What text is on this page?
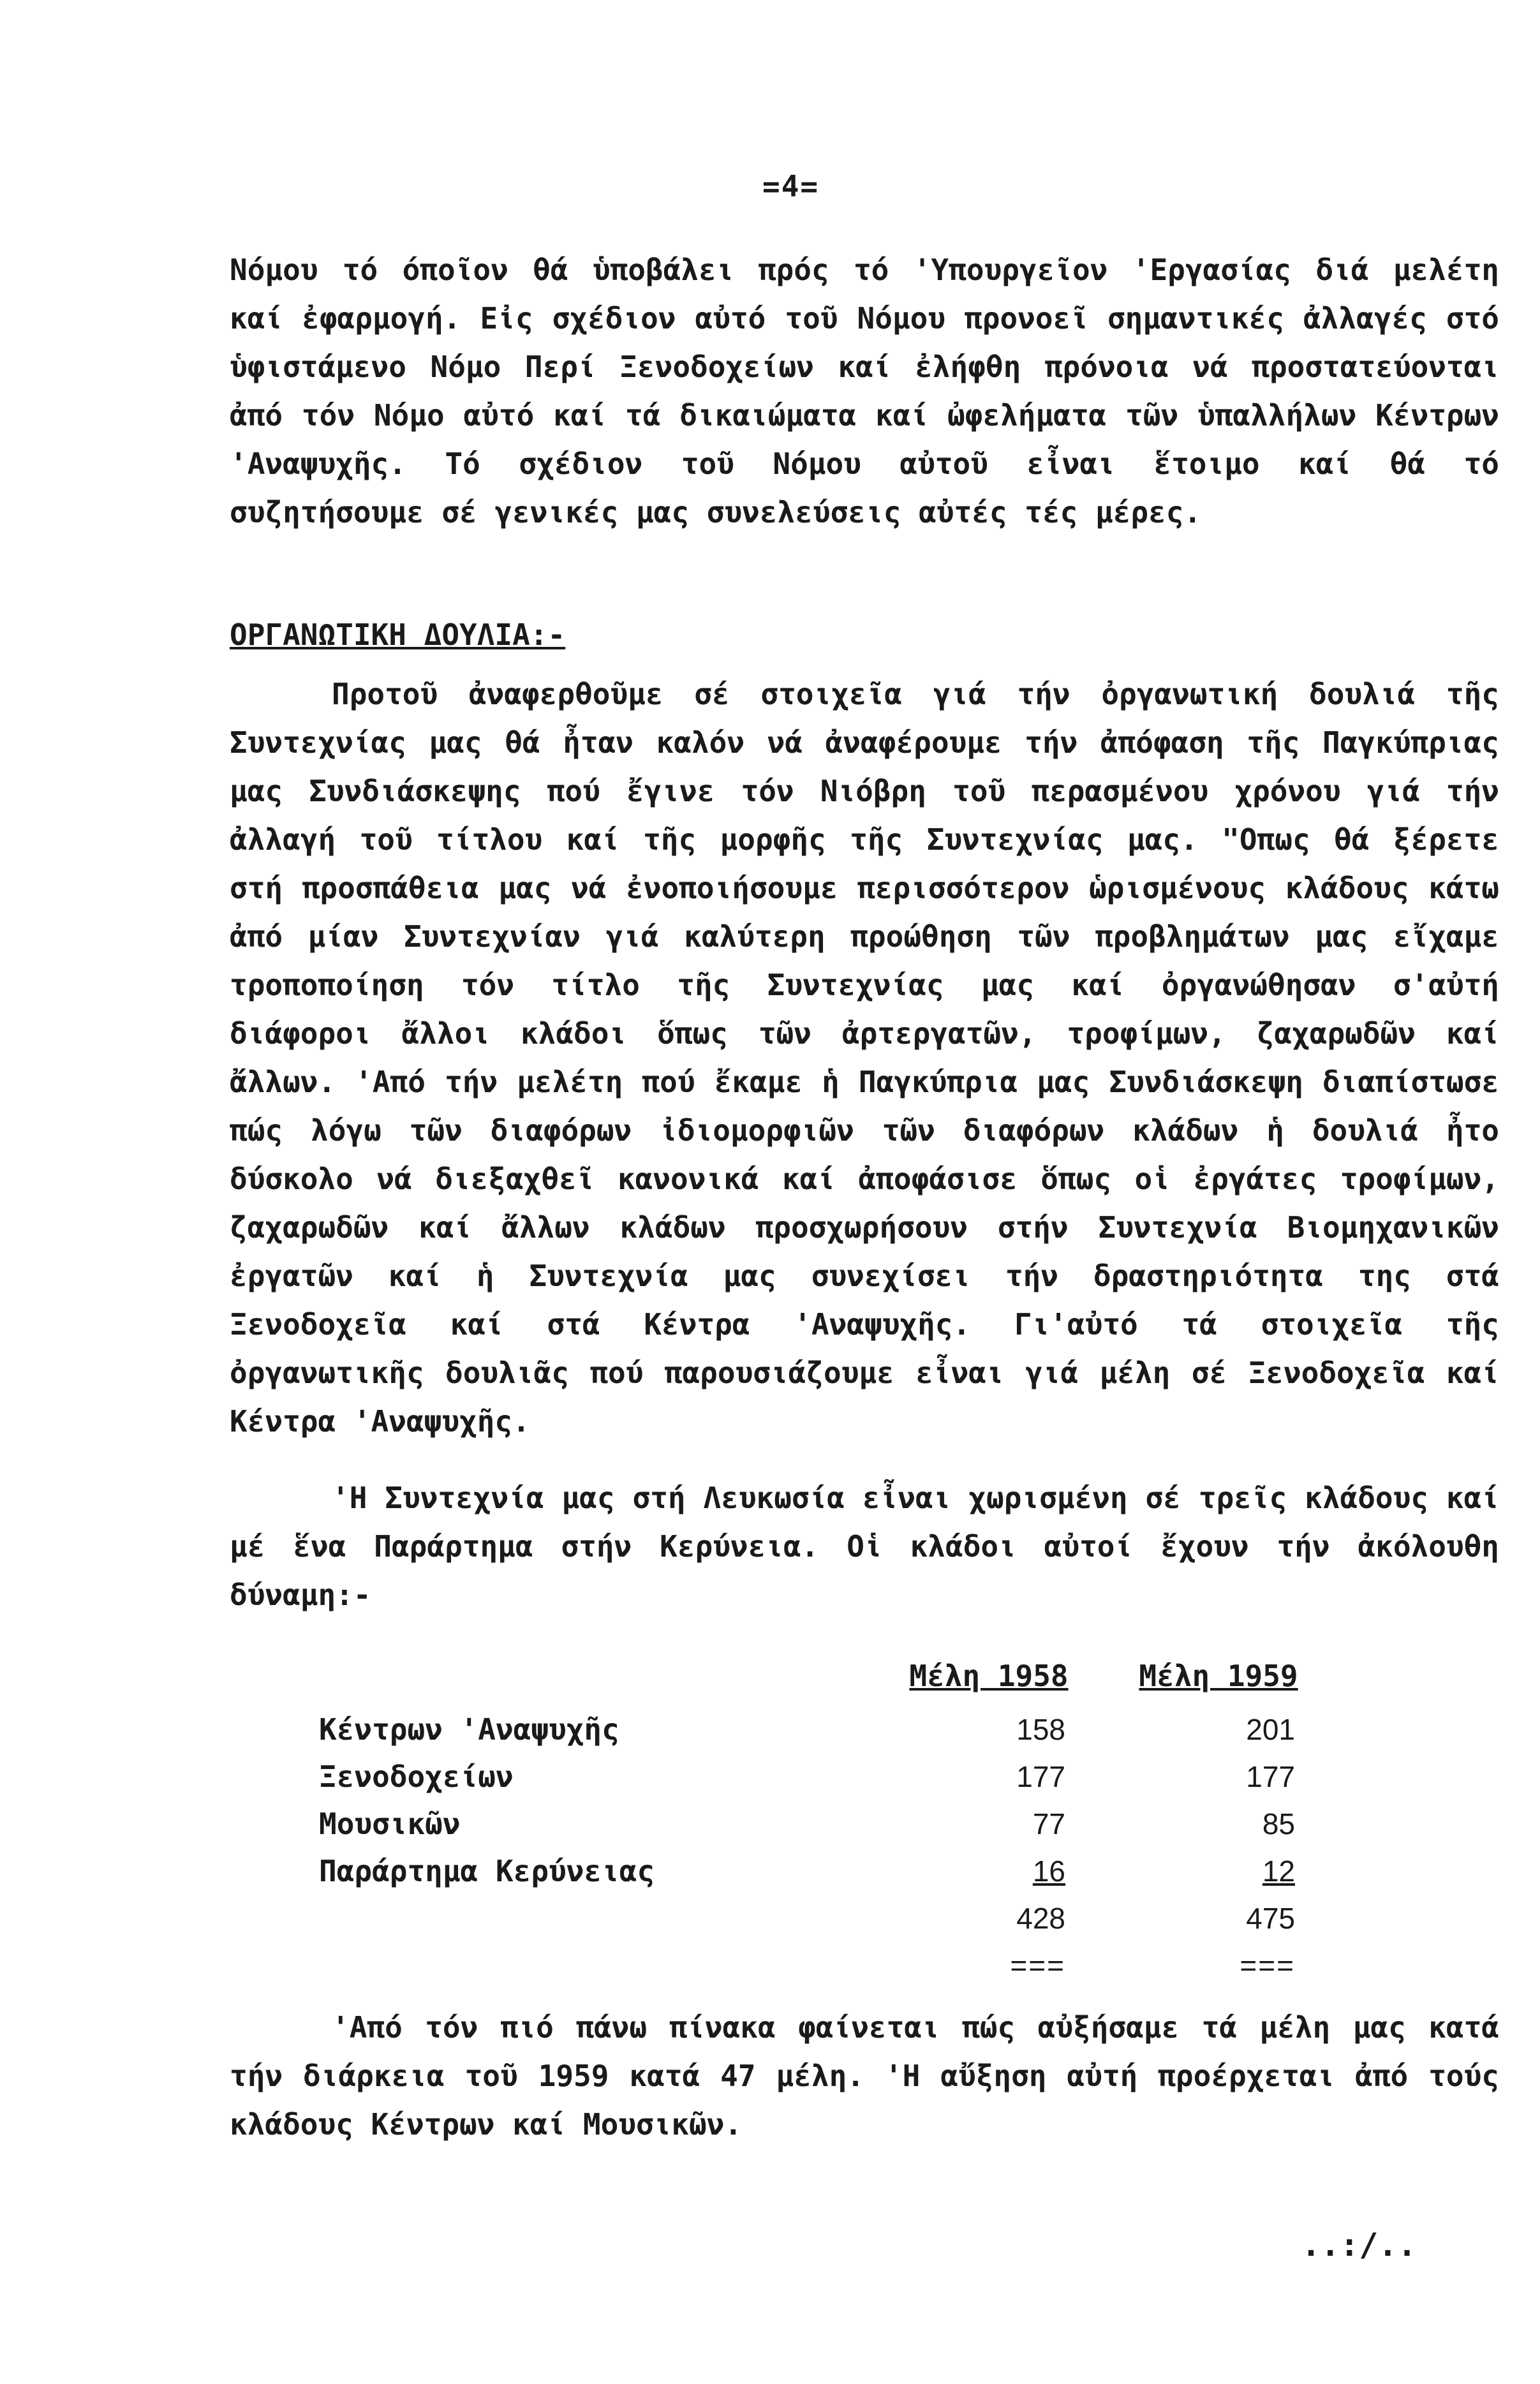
=4=

Νόμου τό όποῖον θά ὑποβάλει πρός τό 'Υπουργεῖον 'Εργασίας διά μελέτη καί ἐφαρμογή. Εἰς σχέδιον αὐτό τοῦ Νόμου προνοεῖ σημαντικές ἀλλαγές στό ὑφιστάμενο Νόμο Περί Ξενοδοχείων καί ἐλήφθη πρόνοια νά προστατεύονται ἀπό τόν Νόμο αὐτό καί τά δικαιώματα καί ὠφελήματα τῶν ὑπαλλήλων Κέντρων 'Αναψυχῆς. Τό σχέδιον τοῦ Νόμου αὐτοῦ εἶναι ἕτοιμο καί θά τό συζητήσουμε σέ γενικές μας συνελεύσεις αὐτές τές μέρες.

ΟΡΓΑΝΩΤΙΚΗ ΔΟΥΛΙΑ:-

Προτοῦ ἀναφερθοῦμε σέ στοιχεῖα γιά τήν ὀργανωτική δουλιά τῆς Συντεχνίας μας θά ἦταν καλόν νά ἀναφέρουμε τήν ἀπόφαση τῆς Παγκύπριας μας Συνδιάσκεψης πού ἔγινε τόν Νιόβρη τοῦ περασμένου χρόνου γιά τήν ἀλλαγή τοῦ τίτλου καί τῆς μορφῆς τῆς Συντεχνίας μας. "Οπως θά ξέρετε στή προσπάθεια μας νά ἐνοποιήσουμε περισσότερον ὡρισμένους κλάδους κάτω ἀπό μίαν Συντεχνίαν γιά καλύτερη προώθηση τῶν προβλημάτων μας εἴχαμε τροποποίηση τόν τίτλο τῆς Συντεχνίας μας καί ὀργανώθησαν σ'αὐτή διάφοροι ἄλλοι κλάδοι ὅπως τῶν ἀρτεργατῶν, τροφίμων, ζαχαρωδῶν καί ἄλλων. 'Από τήν μελέτη πού ἔκαμε ἡ Παγκύπρια μας Συνδιάσκεψη διαπίστωσε πώς λόγω τῶν διαφόρων ἰδιομορφιῶν τῶν διαφόρων κλάδων ἡ δουλιά ἦτο δύσκολο νά διεξαχθεῖ κανονικά καί ἀποφάσισε ὅπως οἱ ἐργάτες τροφίμων, ζαχαρωδῶν καί ἄλλων κλάδων προσχωρήσουν στήν Συντεχνία Βιομηχανικῶν ἐργατῶν καί ἡ Συντεχνία μας συνεχίσει τήν δραστηριότητα της στά Ξενοδοχεῖα καί στά Κέντρα 'Αναψυχῆς. Γι'αὐτό τά στοιχεῖα τῆς ὀργανωτικῆς δουλιᾶς πού παρουσιάζουμε εἶναι γιά μέλη σέ Ξενοδοχεῖα καί Κέντρα 'Αναψυχῆς.

'Η Συντεχνία μας στή Λευκωσία εἶναι χωρισμένη σέ τρεῖς κλάδους καί μέ ἕνα Παράρτημα στήν Κερύνεια. Οἱ κλάδοι αὐτοί ἔχουν τήν ἀκόλουθη δύναμη:-

	Μέλη 1958	Μέλη 1959
Κέντρων 'Αναψυχῆς	158	201
Ξενοδοχείων	177	177
Μουσικῶν	77	85
Παράρτημα Κερύνειας	16	12
	428	475
	===	===

'Από τόν πιό πάνω πίνακα φαίνεται πώς αὐξήσαμε τά μέλη μας κατά τήν διάρκεια τοῦ 1959 κατά 47 μέλη. 'Η αὔξηση αὐτή προέρχεται ἀπό τούς κλάδους Κέντρων καί Μουσικῶν.

..:/..
